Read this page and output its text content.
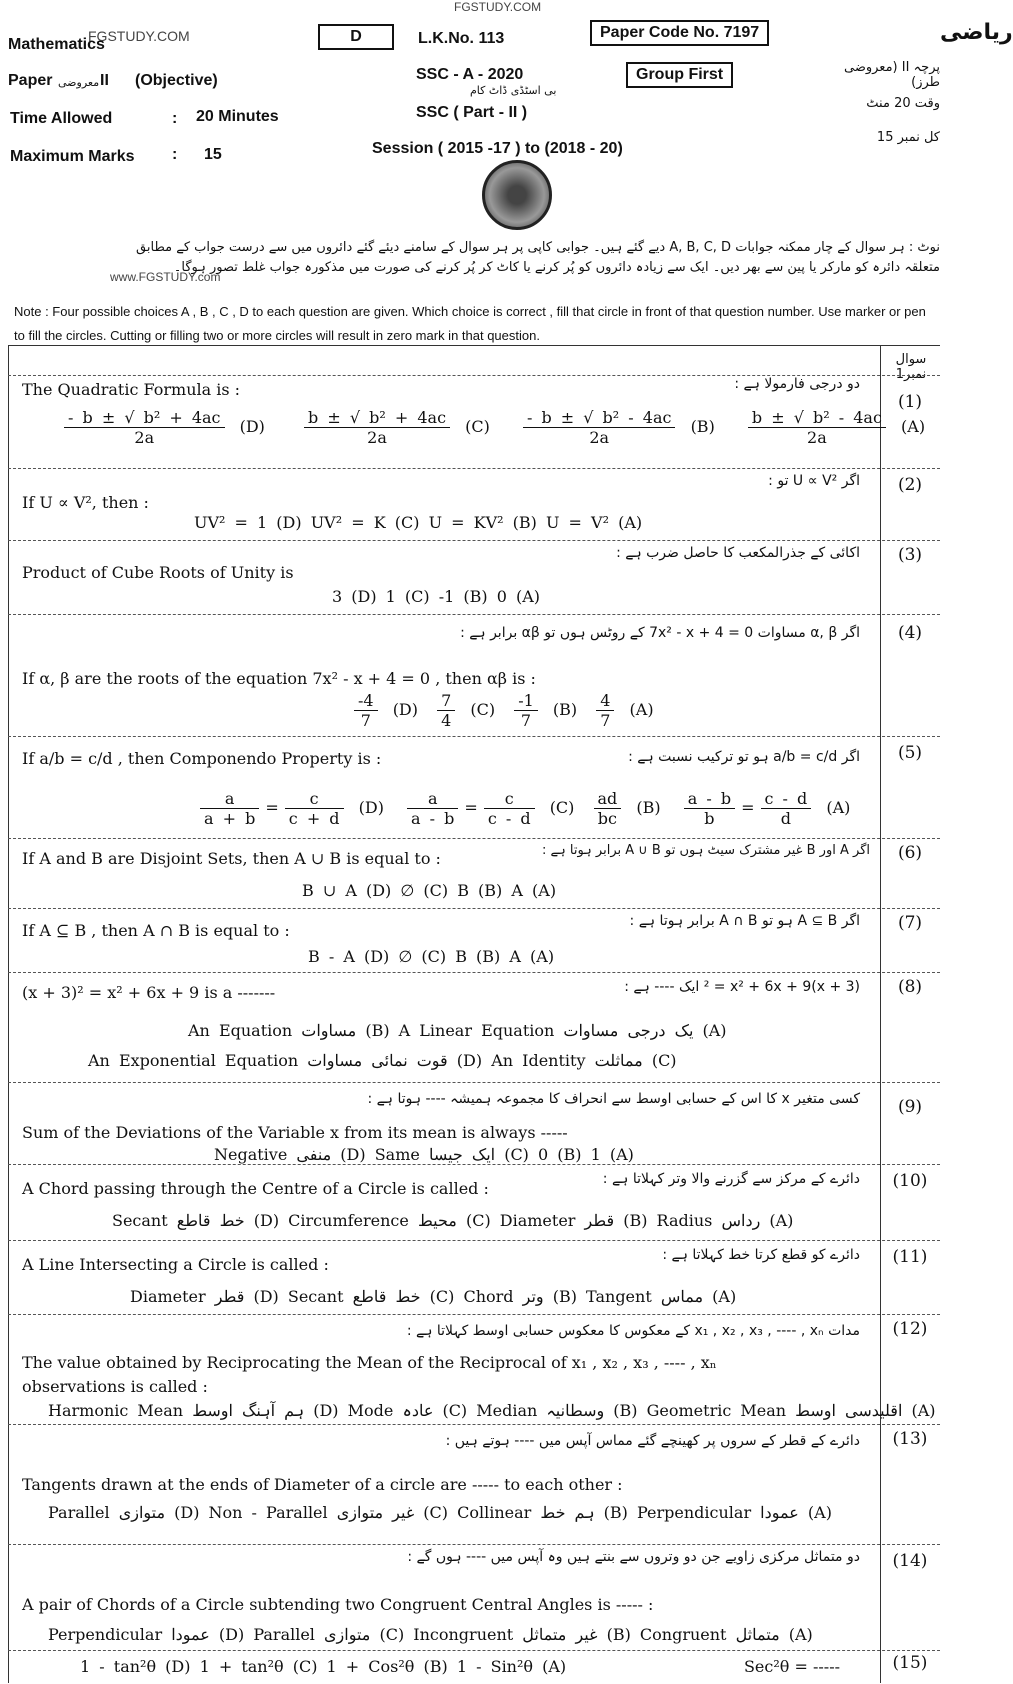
FGSTUDY.COM
Mathematics
FGSTUDY.COM
Paper معروضی II (Objective)
Time Allowed	: 20 Minutes
Maximum Marks : 15
D	L.K.No. 113
SSC - A - 2020
بی اسٹڈی ڈاٹ کام
SSC ( Part - II )
Session ( 2015 -17 ) to (2018 - 20)
Paper Code No. 7197
Group First
ریاضی
پرچہ II (معروضی طرز)
وقت 20 منٹ
کل نمبر 15
نوٹ : ہر سوال کے چار ممکنہ جوابات A, B, C, D دیے گئے ہیں۔ جوابی کاپی پر ہر سوال کے سامنے دیئے گئے دائروں میں سے درست جواب کے مطابق متعلقہ دائرہ کو مارکر یا پین سے بھر دیں۔ ایک سے زیادہ دائروں کو پُر کرنے یا کاٹ کر پُر کرنے کی صورت میں مذکورہ جواب غلط تصور ہوگا۔
www.FGSTUDY.com
Note : Four possible choices A , B , C , D to each question are given. Which choice is correct , fill that circle in front of that question number. Use marker or pen to fill the circles. Cutting or filling two or more circles will result in zero mark in that question.
سوال نمبر1
The Quadratic Formula is :	دو درجی فارمولا ہے :
(1)
$\frac{\text{- b ± √ b² + 4ac}}{2a} (D) \frac{\text{b ± √ b² + 4ac}}{2a} (C) \frac{\text{- b ± √ b² - 4ac}}{2a} (B) \frac{\text{b ± √ b² - 4ac}}{2a} (A)$
If U ∝ V², then :
اگر U ∝ V² تو :	(2)
UV² = 1 (D) UV² = K (C) U = KV² (B) U = V² (A)
Product of Cube Roots of Unity is
اکائی کے جذرالمکعب کا حاصل ضرب ہے :	(3)
3 (D) 1 (C) -1 (B) 0 (A)
اگر α, β مساوات 7x² - x + 4 = 0 کے روٹس ہوں تو αβ برابر ہے :	(4)
If α, β are the roots of the equation 7x² - x + 4 = 0 , then αβ is :
$\frac{-4}{7} (D) \frac{7}{4} (C) \frac{-1}{7} (B) \frac{4}{7} (A)$
If a/b = c/d , then Componendo Property is :	اگر a/b = c/d ہو تو ترکیب نسبت ہے :	(5)
$\frac{a}{a + b} = \frac{c}{c + d} (D) \frac{a}{a - b} = \frac{c}{c - d} (C) \frac{ad}{bc} (B) \frac{a - b}{b} = \frac{c - d}{d} (A)$
If A and B are Disjoint Sets, then A ∪ B is equal to :	اگر A اور B غیر مشترک سیٹ ہوں تو A ∪ B برابر ہوتا ہے :	(6)
B ∪ A (D) ∅ (C) B (B) A (A)
If A ⊆ B , then A ∩ B is equal to :	اگر A ⊆ B ہو تو A ∩ B برابر ہوتا ہے :	(7)
B - A (D) ∅ (C) B (B) A (A)
(x + 3)² = x² + 6x + 9 is a -------	(x + 3)² = x² + 6x + 9 ایک ---- ہے :	(8)
An Equation مساوات (B) A Linear Equation یک درجی مساوات (A)
An Exponential Equation قوت نمائی مساوات (D) An Identity مماثلت (C)
کسی متغیر x کا اس کے حسابی اوسط سے انحراف کا مجموعہ ہمیشہ ---- ہوتا ہے :	(9)
Sum of the Deviations of the Variable x from its mean is always -----
Negative منفی (D) Same ایک جیسا (C) 0 (B) 1 (A)
A Chord passing through the Centre of a Circle is called :	دائرے کے مرکز سے گزرنے والا وتر کہلاتا ہے :	(10)
Secant خط قاطع (D) Circumference محیط (C) Diameter قطر (B) Radius رداس (A)
A Line Intersecting a Circle is called :	دائرے کو قطع کرتا خط کہلاتا ہے :	(11)
Diameter قطر (D) Secant خط قاطع (C) Chord وتر (B) Tangent مماس (A)
مدات x₁ , x₂ , x₃ , ---- , xₙ کے معکوس کا معکوس حسابی اوسط کہلاتا ہے :	(12)
The value obtained by Reciprocating the Mean of the Reciprocal of x₁ , x₂ , x₃ , ---- , xₙ
observations is called :
Harmonic Mean ہم آہنگ اوسط (D) Mode عادہ (C) Median وسطانیہ (B) Geometric Mean اقلیدسی اوسط (A)
دائرے کے قطر کے سروں پر کھینچے گئے مماس آپس میں ---- ہوتے ہیں :	(13)
Tangents drawn at the ends of Diameter of a circle are ----- to each other :
Parallel متوازی (D) Non - Parallel غیر متوازی (C) Collinear ہم خط (B) Perpendicular عمودا (A)
دو متماثل مرکزی زاویے جن دو وتروں سے بنتے ہیں وہ آپس میں ---- ہوں گے :	(14)
A pair of Chords of a Circle subtending two Congruent Central Angles is ----- :
Perpendicular عمودا (D) Parallel متوازی (C) Incongruent غیر متماثل (B) Congruent متماثل (A)
1 - tan²θ (D) 1 + tan²θ (C) 1 + Cos²θ (B) 1 - Sin²θ (A)	Sec²θ = -----	(15)
